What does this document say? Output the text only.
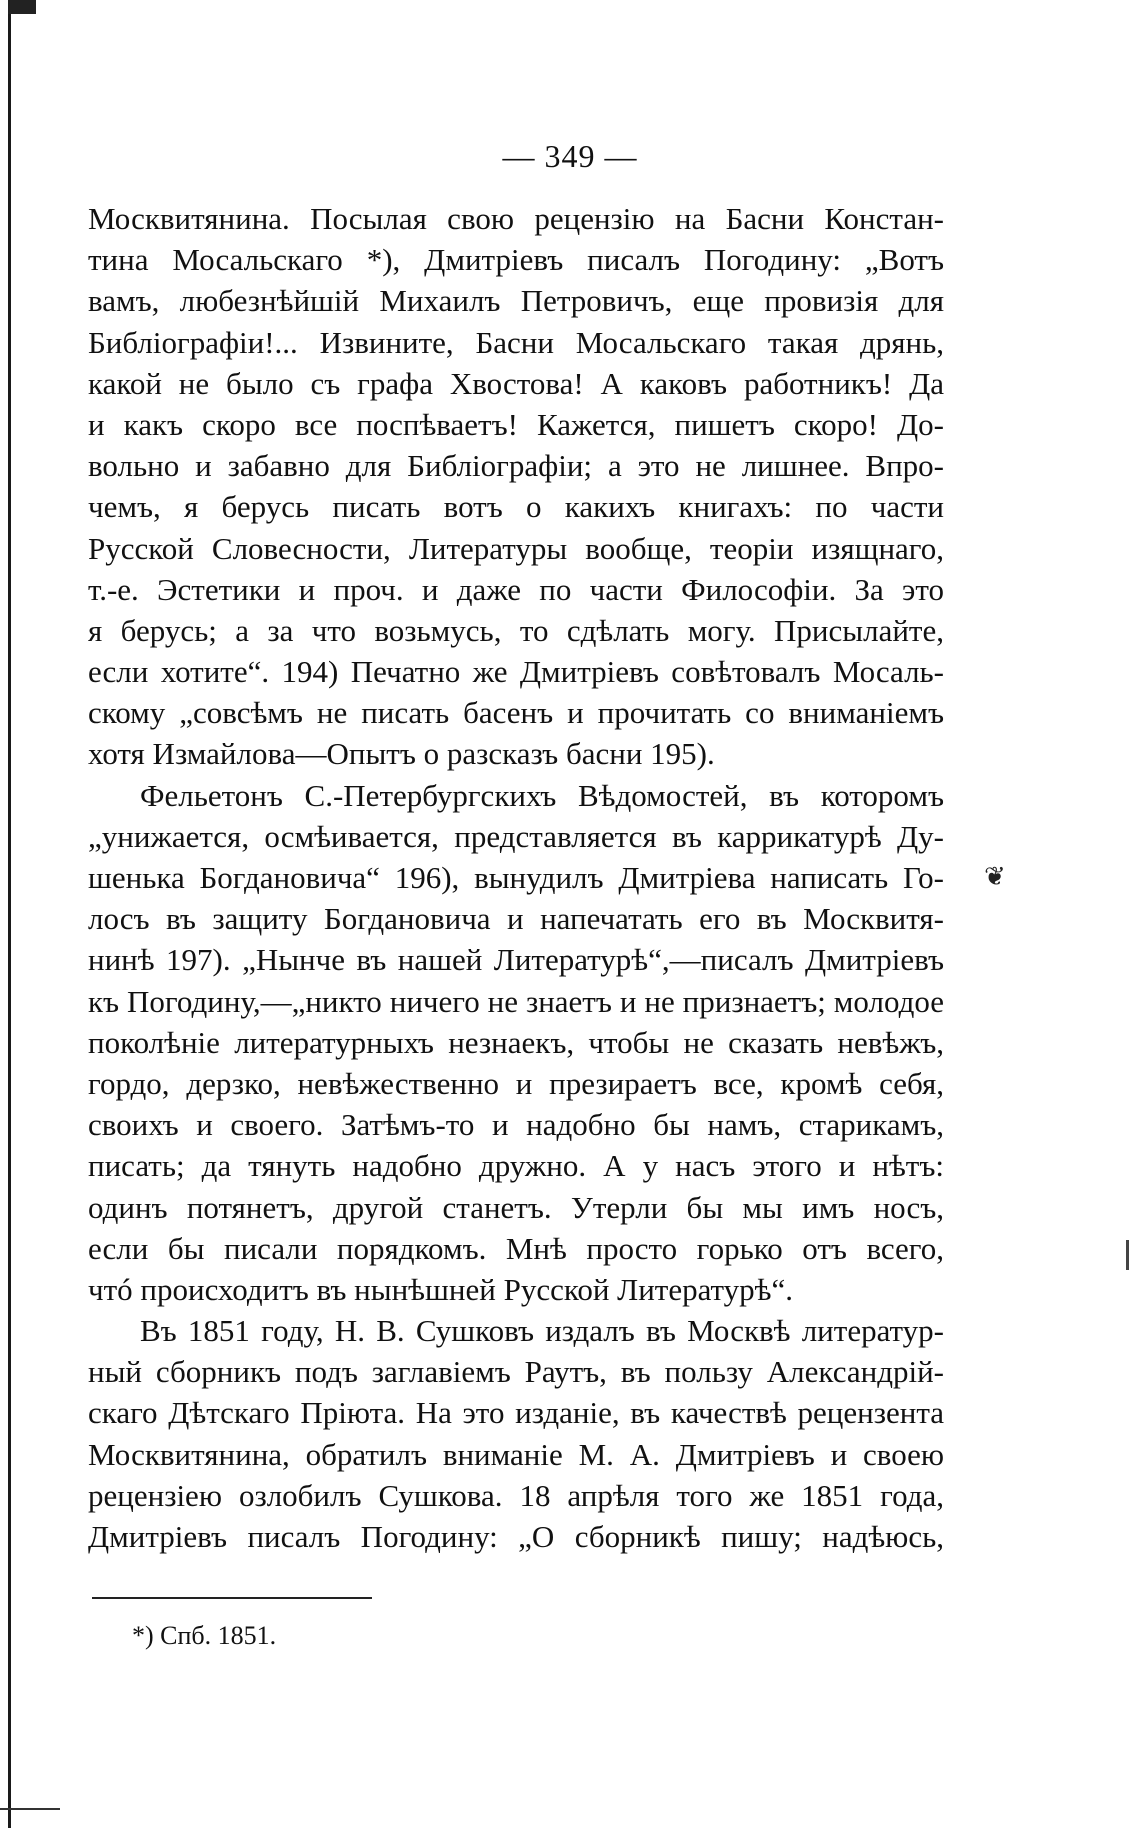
— 349 —
Москвитянина. Посылая свою рецензію на Басни Констан-
тина Мосальскаго *), Дмитріевъ писалъ Погодину: „Вотъ
вамъ, любезнѣйшій Михаилъ Петровичъ, еще провизія для
Библіографіи!... Извините, Басни Мосальскаго такая дрянь,
какой не было съ графа Хвостова! А каковъ работникъ! Да
и какъ скоро все поспѣваетъ! Кажется, пишетъ скоро! До-
вольно и забавно для Библіографіи; а это не лишнее. Впро-
чемъ, я берусь писать вотъ о какихъ книгахъ: по части
Русской Словесности, Литературы вообще, теоріи изящнаго,
т.-е. Эстетики и проч. и даже по части Философіи. За это
я берусь; а за что возьмусь, то сдѣлать могу. Присылайте,
если хотите“. 194) Печатно же Дмитріевъ совѣтовалъ Мосаль-
скому „совсѣмъ не писать басенъ и прочитать со вниманіемъ
хотя Измайлова—Опытъ о разсказъ басни 195).
Фельетонъ С.-Петербургскихъ Вѣдомостей, въ которомъ
„унижается, осмѣивается, представляется въ каррикатурѣ Ду-
шенька Богдановича“ 196), вынудилъ Дмитріева написать Го-
лосъ въ защиту Богдановича и напечатать его въ Москвитя-
нинѣ 197). „Нынче въ нашей Литературѣ“,—писалъ Дмитріевъ
къ Погодину,—„никто ничего не знаетъ и не признаетъ; молодое
поколѣніе литературныхъ незнаекъ, чтобы не сказать невѣжъ,
гордо, дерзко, невѣжественно и презираетъ все, кромѣ себя,
своихъ и своего. Затѣмъ-то и надобно бы намъ, старикамъ,
писать; да тянуть надобно дружно. А у насъ этого и нѣтъ:
одинъ потянетъ, другой станетъ. Утерли бы мы имъ носъ,
если бы писали порядкомъ. Мнѣ просто горько отъ всего,
чтó происходитъ въ нынѣшней Русской Литературѣ“.
Въ 1851 году, Н. В. Сушковъ издалъ въ Москвѣ литератур-
ный сборникъ подъ заглавіемъ Раутъ, въ пользу Александрій-
скаго Дѣтскаго Пріюта. На это изданіе, въ качествѣ рецензента
Москвитянина, обратилъ вниманіе М. А. Дмитріевъ и своею
рецензіею озлобилъ Сушкова. 18 апрѣля того же 1851 года,
Дмитріевъ писалъ Погодину: „О сборникѣ пишу; надѣюсь,
❦
*) Спб. 1851.
